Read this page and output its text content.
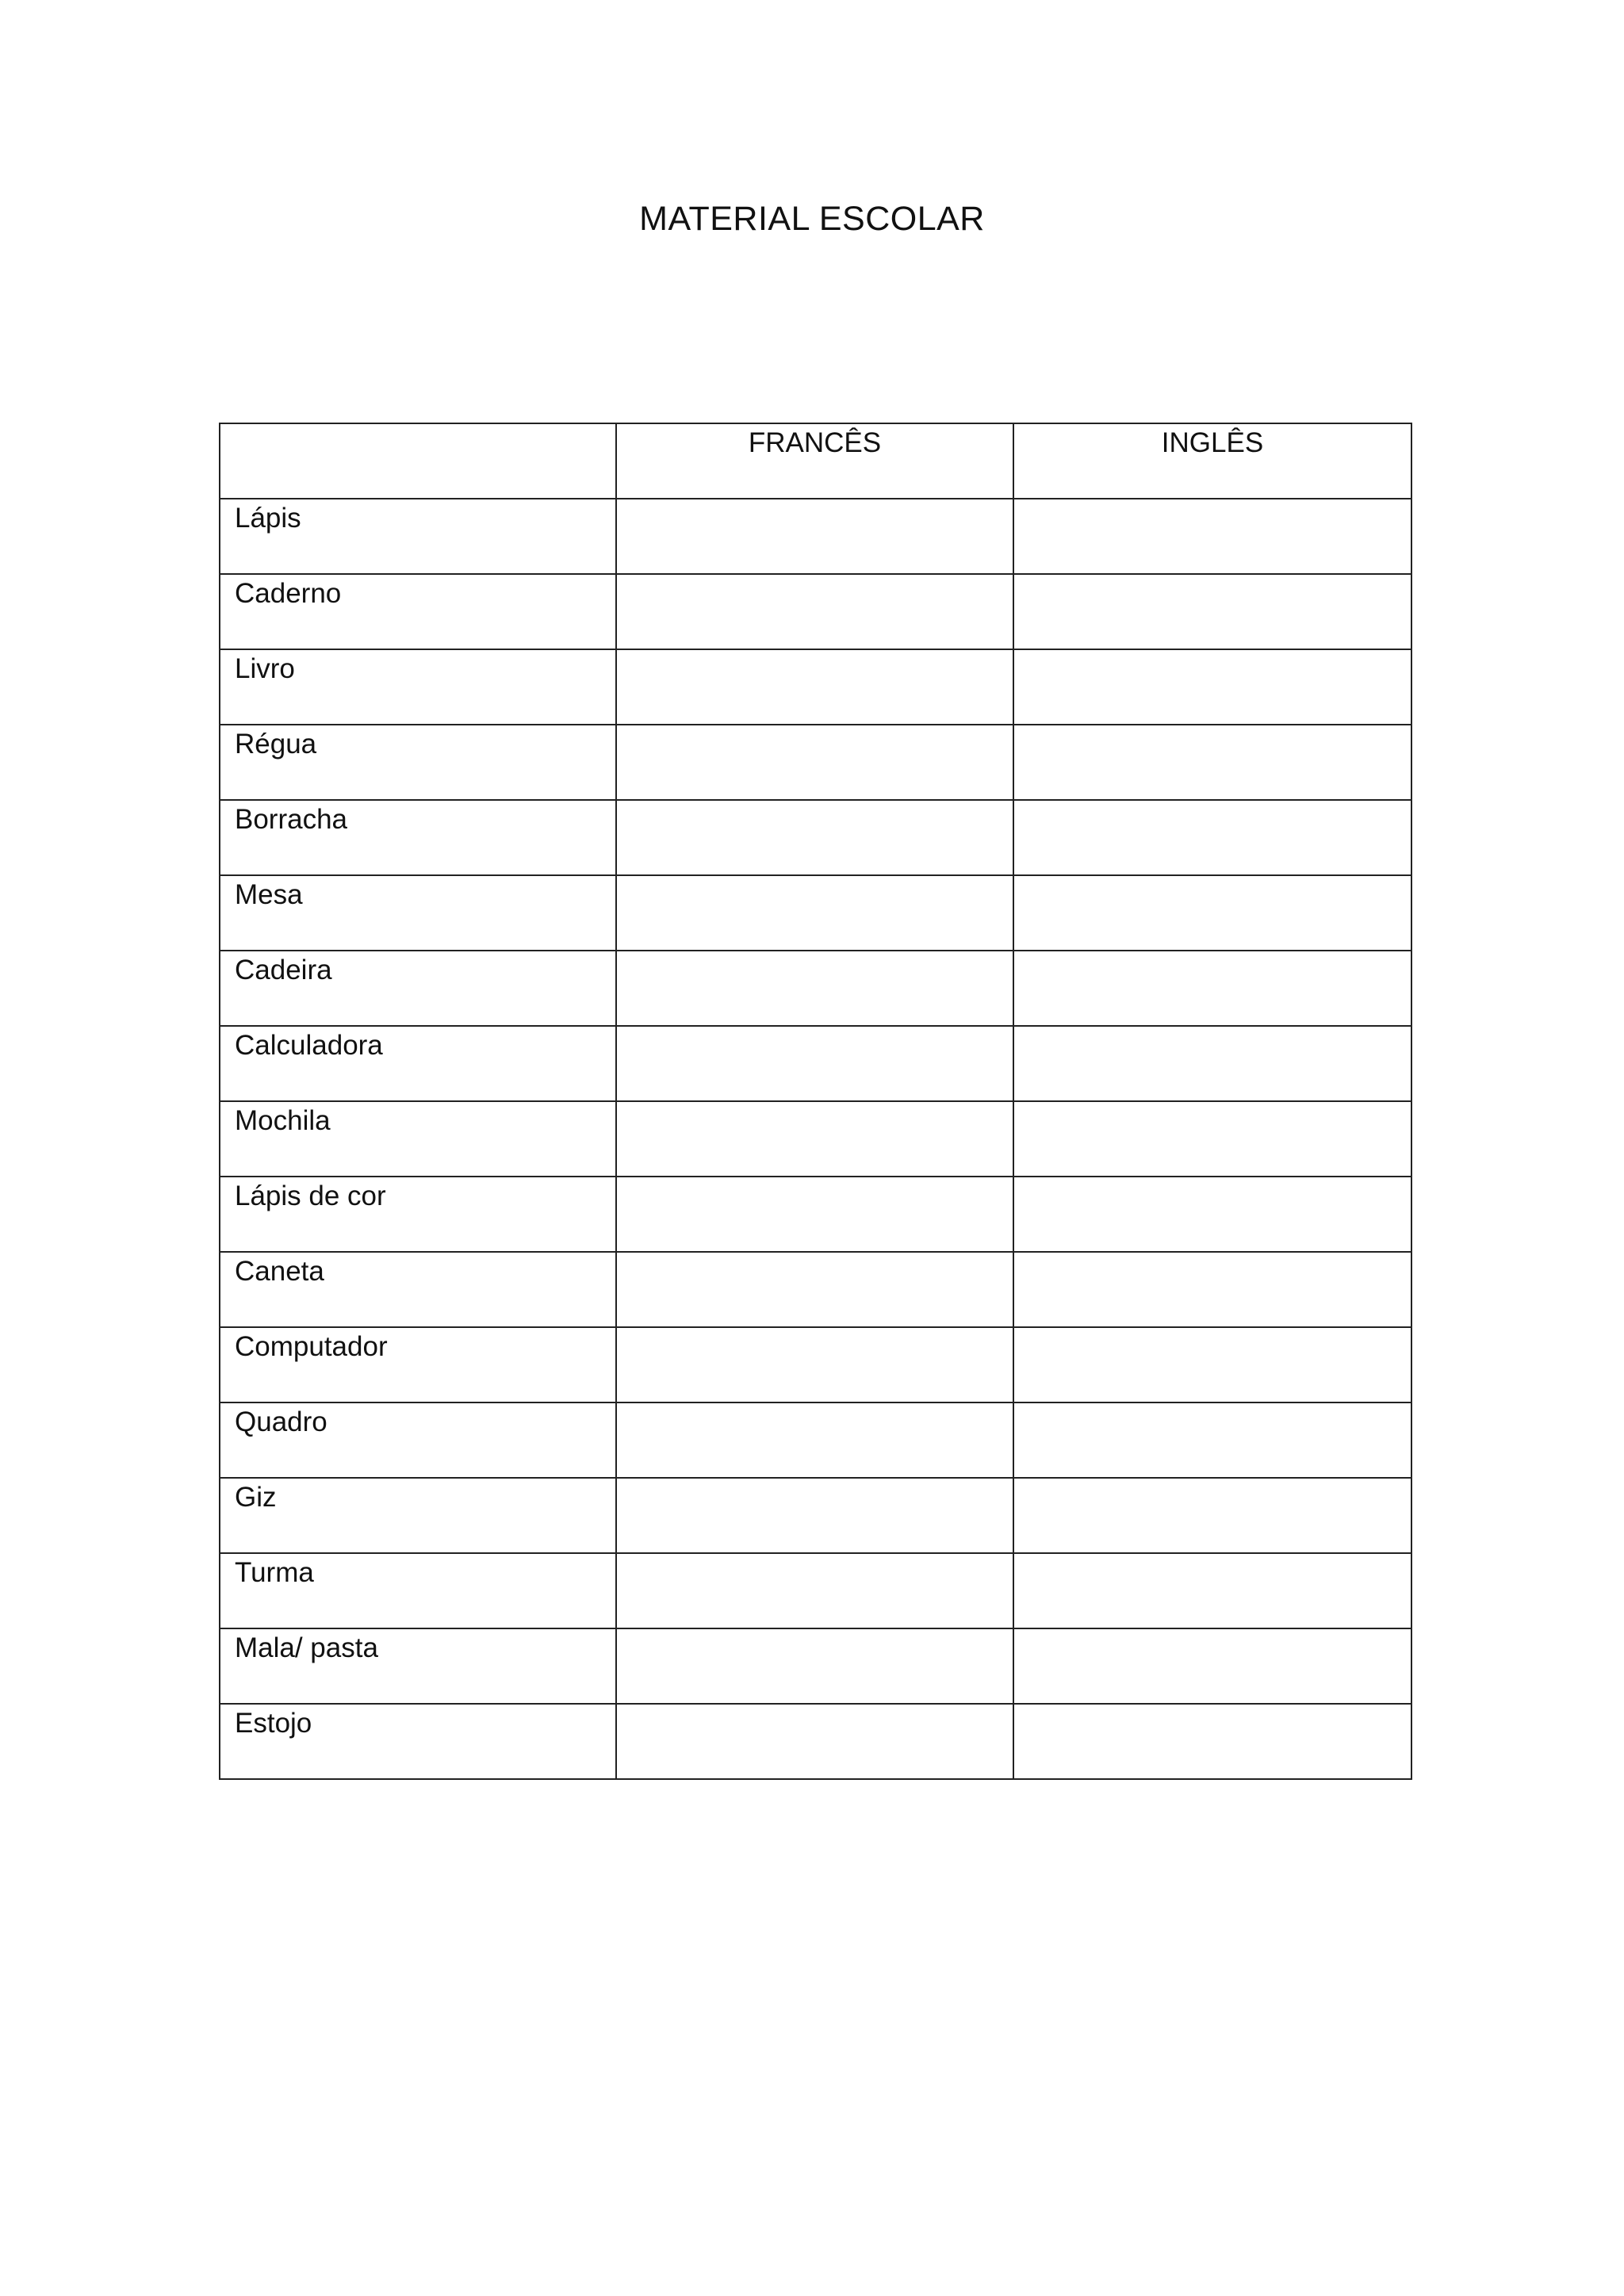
MATERIAL ESCOLAR
	FRANCÊS	INGLÊS
Lápis		
Caderno		
Livro		
Régua		
Borracha		
Mesa		
Cadeira		
Calculadora		
Mochila		
Lápis de cor		
Caneta		
Computador		
Quadro		
Giz		
Turma		
Mala/ pasta		
Estojo		
